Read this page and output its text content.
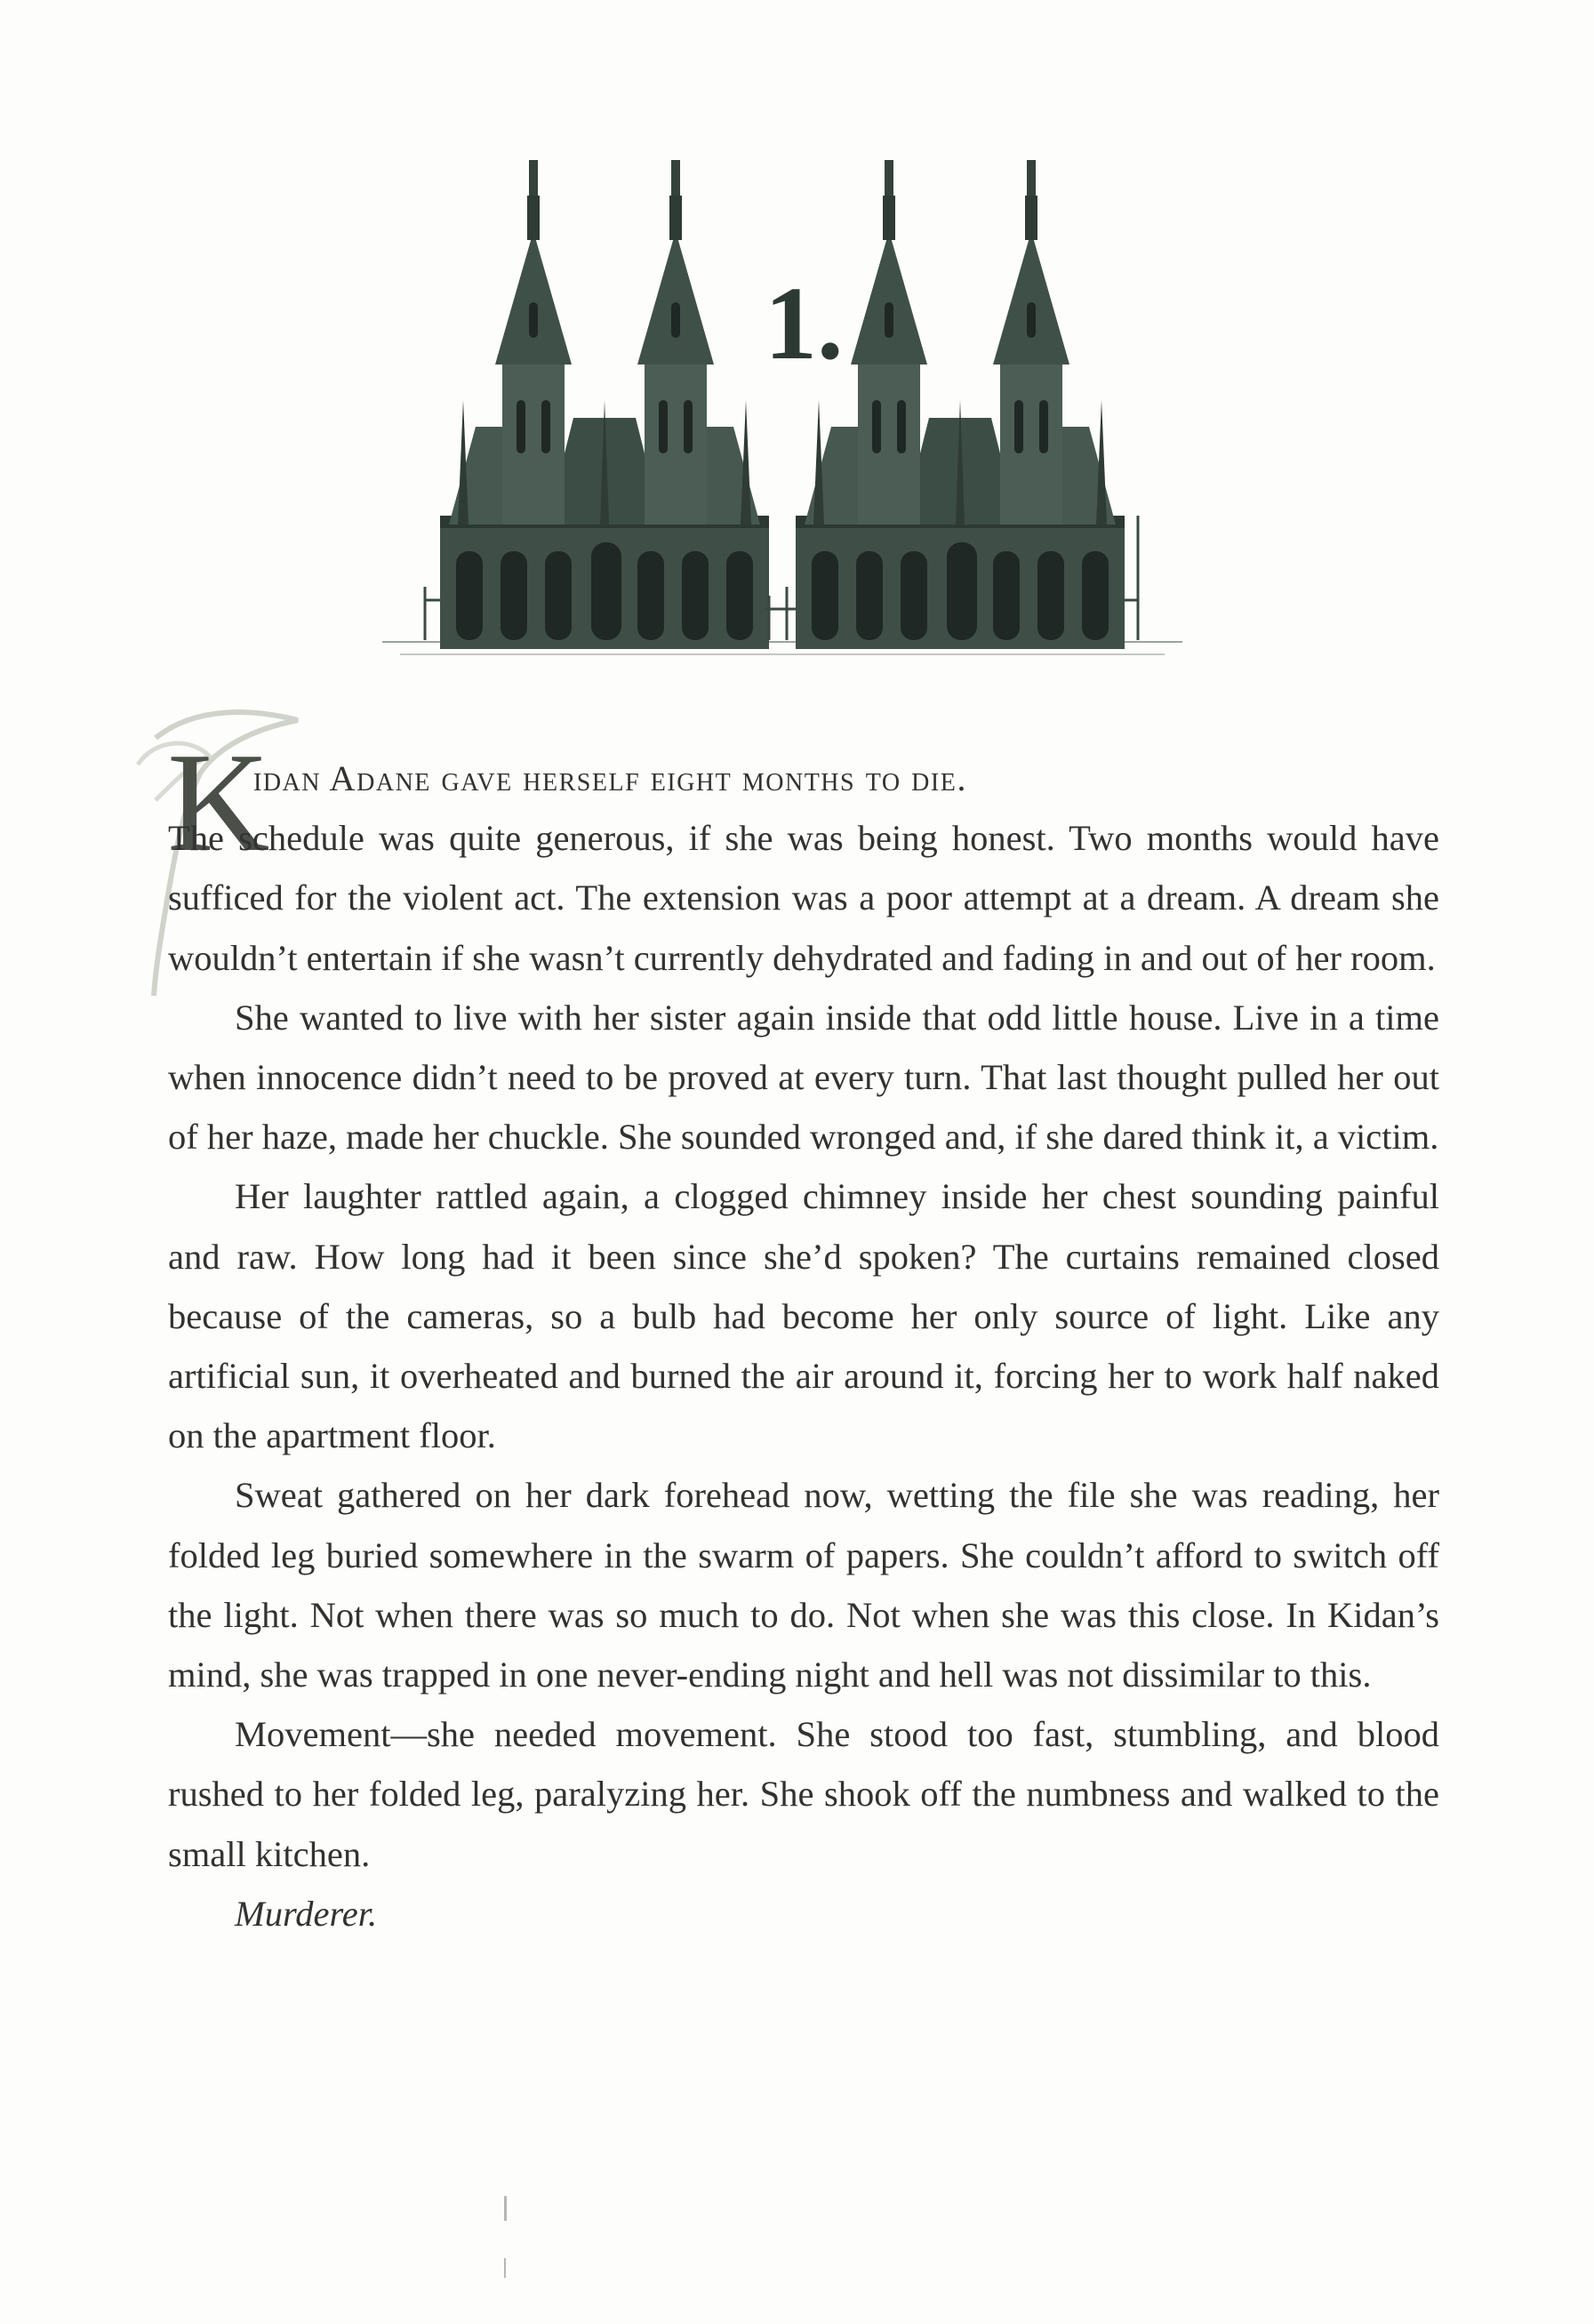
1.
K
idan Adane gave herself eight months to die.

The schedule was quite generous, if she was being honest. Two months would have sufficed for the violent act. The extension was a poor attempt at a dream. A dream she wouldn’t entertain if she wasn’t currently dehydrated and fading in and out of her room.

She wanted to live with her sister again inside that odd little house. Live in a time when innocence didn’t need to be proved at every turn. That last thought pulled her out of her haze, made her chuckle. She sounded wronged and, if she dared think it, a victim.

Her laughter rattled again, a clogged chimney inside her chest sounding painful and raw. How long had it been since she’d spoken? The curtains remained closed because of the cameras, so a bulb had become her only source of light. Like any artificial sun, it overheated and burned the air around it, forcing her to work half naked on the apartment floor.

Sweat gathered on her dark forehead now, wetting the file she was reading, her folded leg buried somewhere in the swarm of papers. She couldn’t afford to switch off the light. Not when there was so much to do. Not when she was this close. In Kidan’s mind, she was trapped in one never-ending night and hell was not dissimilar to this.

Movement—she needed movement. She stood too fast, stumbling, and blood rushed to her folded leg, paralyzing her. She shook off the numbness and walked to the small kitchen.

Murderer.
